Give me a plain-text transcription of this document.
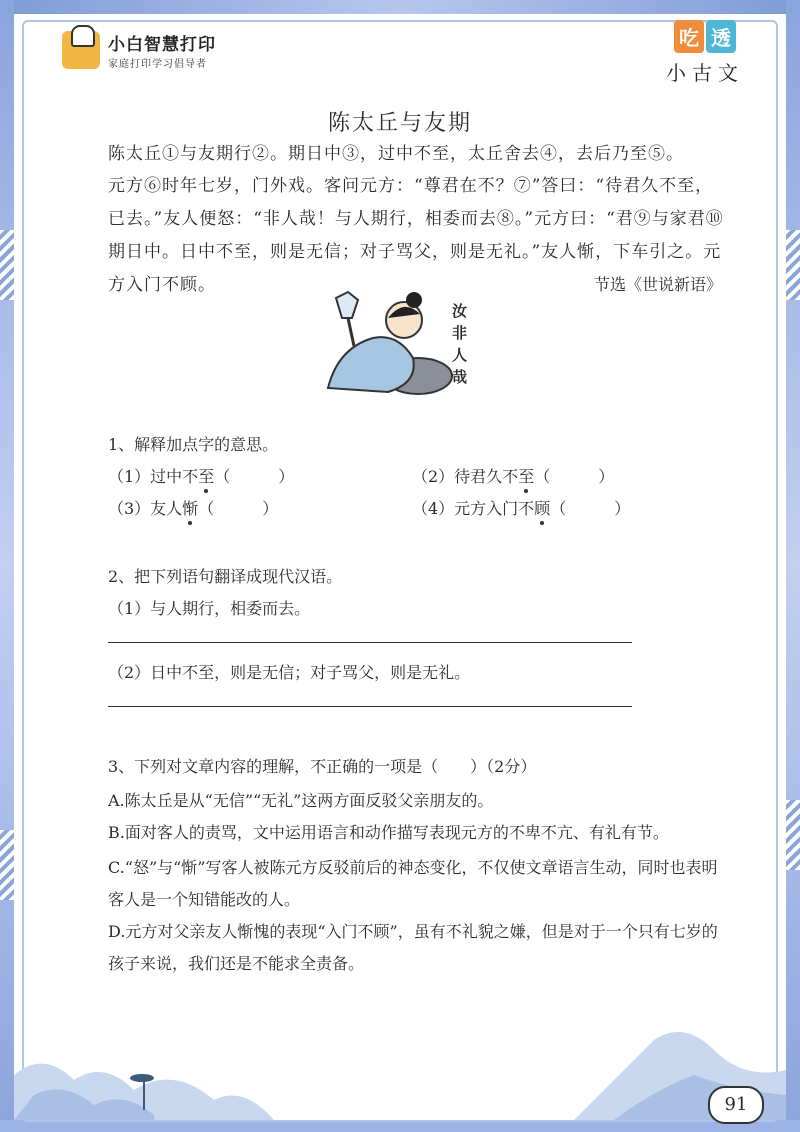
小白智慧打印
家庭打印学习倡导者
吃 透
小古文
陈太丘与友期
陈太丘①与友期行②。期日中③，过中不至，太丘舍去④，去后乃至⑤。
元方⑥时年七岁，门外戏。客问元方：“尊君在不？⑦”答曰：“待君久不至，已去。”友人便怒：“非人哉！与人期行，相委而去⑧。”元方曰：“君⑨与家君⑩期日中。日中不至，则是无信；对子骂父，则是无礼。”友人惭，下车引之。元方入门不顾。	节选《世说新语》
汝非人哉
1、解释加点字的意思。
（1）过中不至（　　　）	（2）待君久不至（　　　）
（3）友人惭（　　　）	（4）元方入门不顾（　　　）
2、把下列语句翻译成现代汉语。
（1）与人期行，相委而去。
（2）日中不至，则是无信；对子骂父，则是无礼。
3、下列对文章内容的理解，不正确的一项是（　　）（2分）
A.陈太丘是从“无信”“无礼”这两方面反驳父亲朋友的。
B.面对客人的责骂，文中运用语言和动作描写表现元方的不卑不亢、有礼有节。
C.“怒”与“惭”写客人被陈元方反驳前后的神态变化，不仅使文章语言生动，同时也表明客人是一个知错能改的人。
D.元方对父亲友人惭愧的表现“入门不顾”，虽有不礼貌之嫌，但是对于一个只有七岁的孩子来说，我们还是不能求全责备。
91
